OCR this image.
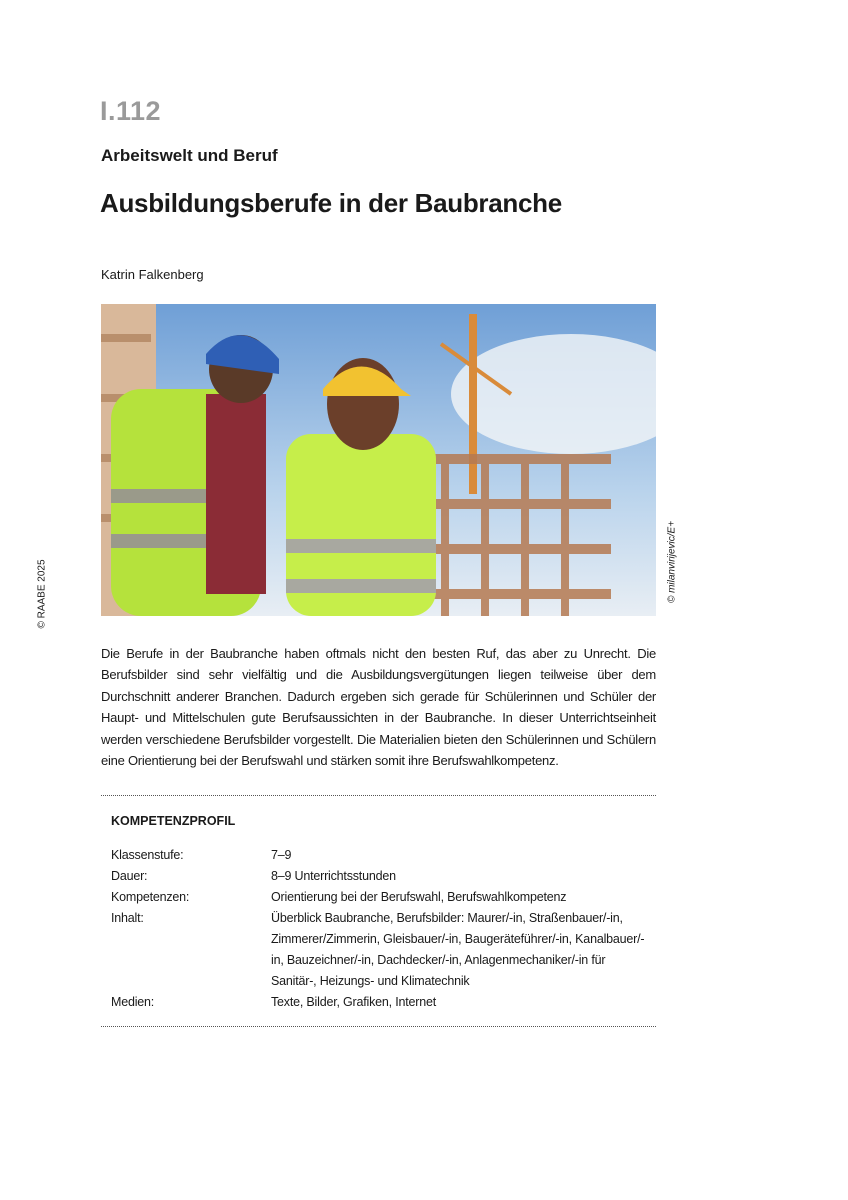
I.112
Arbeitswelt und Beruf
Ausbildungsberufe in der Baubranche
Katrin Falkenberg
© RAABE 2025	© milanvirijevic/E+

Die Berufe in der Baubranche haben oftmals nicht den besten Ruf, das aber zu Unrecht. Die Berufsbilder sind sehr vielfältig und die Ausbildungsvergütungen liegen teilweise über dem Durchschnitt anderer Branchen. Dadurch ergeben sich gerade für Schülerinnen und Schüler der Haupt- und Mittelschulen gute Berufsaussichten in der Baubranche. In dieser Unterrichtseinheit werden verschiedene Berufsbilder vorgestellt. Die Materialien bieten den Schülerinnen und Schülern eine Orientierung bei der Berufswahl und stärken somit ihre Berufswahlkompetenz.

KOMPETENZPROFIL
Klassenstufe:	7–9
Dauer:	8–9 Unterrichtsstunden
Kompetenzen:	Orientierung bei der Berufswahl, Berufswahlkompetenz
Inhalt:	Überblick Baubranche, Berufsbilder: Maurer/-in, Straßenbauer/-in, Zimmerer/Zimmerin, Gleisbauer/-in, Baugeräteführer/-in, Kanalbauer/-in, Bauzeichner/-in, Dachdecker/-in, Anlagenmechaniker/-in für Sanitär-, Heizungs- und Klimatechnik
Medien:	Texte, Bilder, Grafiken, Internet
